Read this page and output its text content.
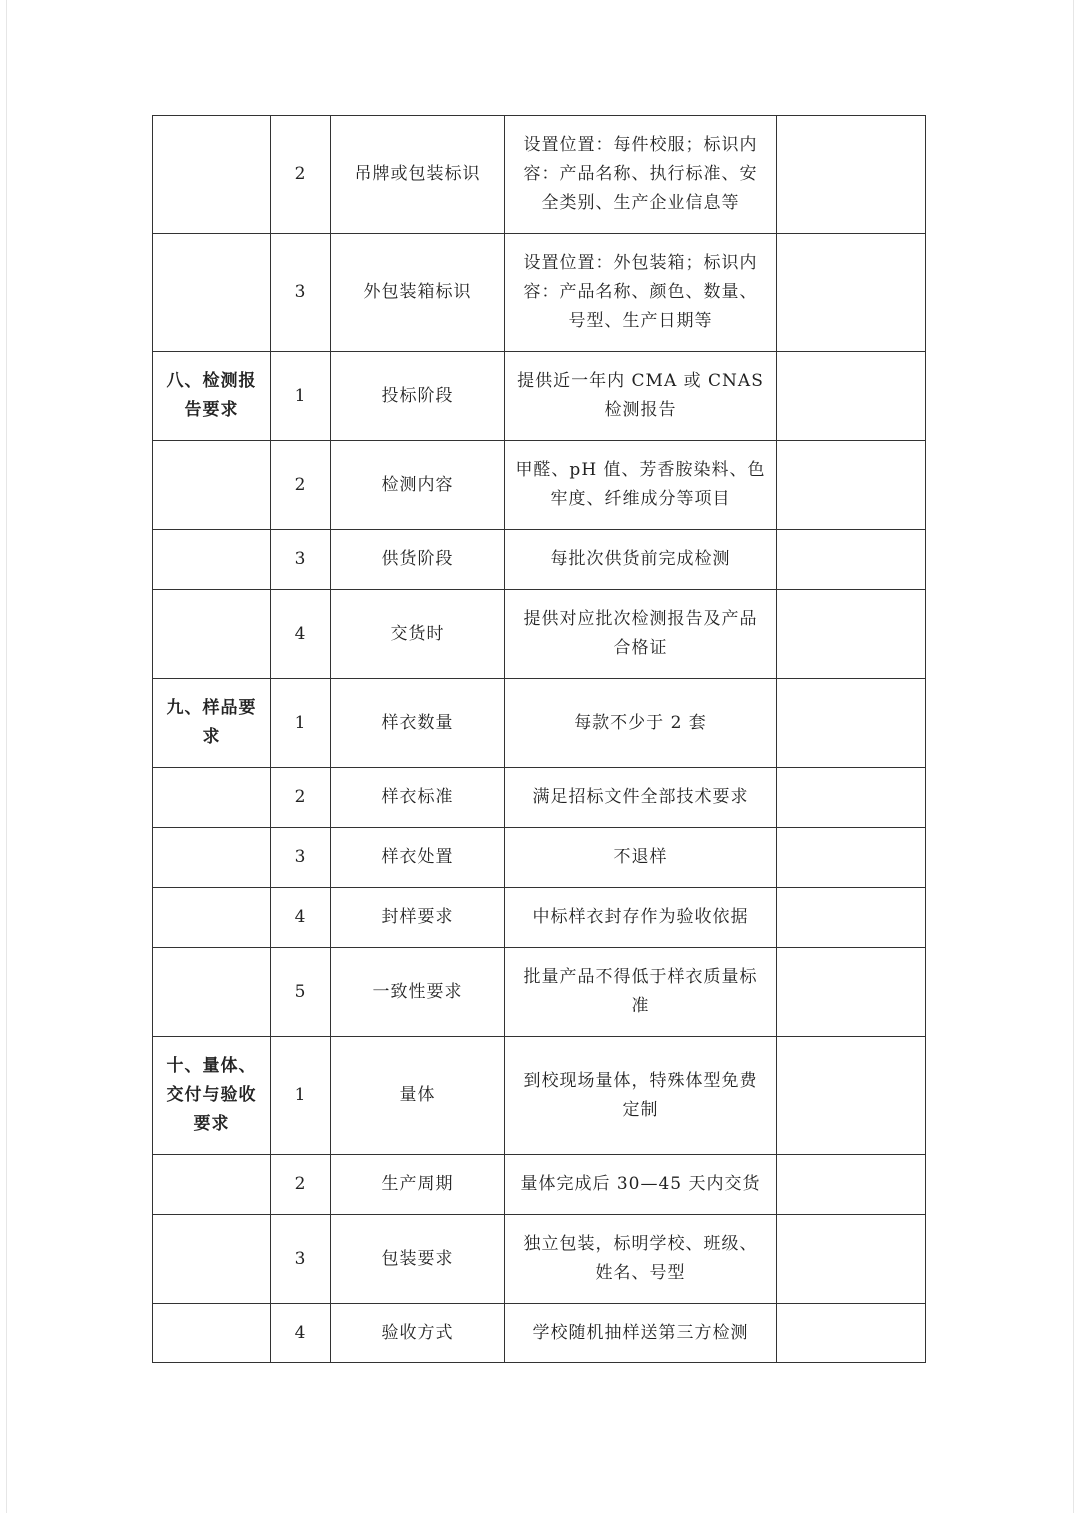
	2	吊牌或包装标识	设置位置：每件校服；标识内容：产品名称、执行标准、安全类别、生产企业信息等	
	3	外包装箱标识	设置位置：外包装箱；标识内容：产品名称、颜色、数量、号型、生产日期等	
八、检测报告要求	1	投标阶段	提供近一年内 CMA 或 CNAS 检测报告	
	2	检测内容	甲醛、pH 值、芳香胺染料、色牢度、纤维成分等项目	
	3	供货阶段	每批次供货前完成检测	
	4	交货时	提供对应批次检测报告及产品合格证	
九、样品要求	1	样衣数量	每款不少于 2 套	
	2	样衣标准	满足招标文件全部技术要求	
	3	样衣处置	不退样	
	4	封样要求	中标样衣封存作为验收依据	
	5	一致性要求	批量产品不得低于样衣质量标准	
十、量体、交付与验收要求	1	量体	到校现场量体，特殊体型免费定制	
	2	生产周期	量体完成后 30—45 天内交货	
	3	包装要求	独立包装，标明学校、班级、姓名、号型	
	4	验收方式	学校随机抽样送第三方检测	
